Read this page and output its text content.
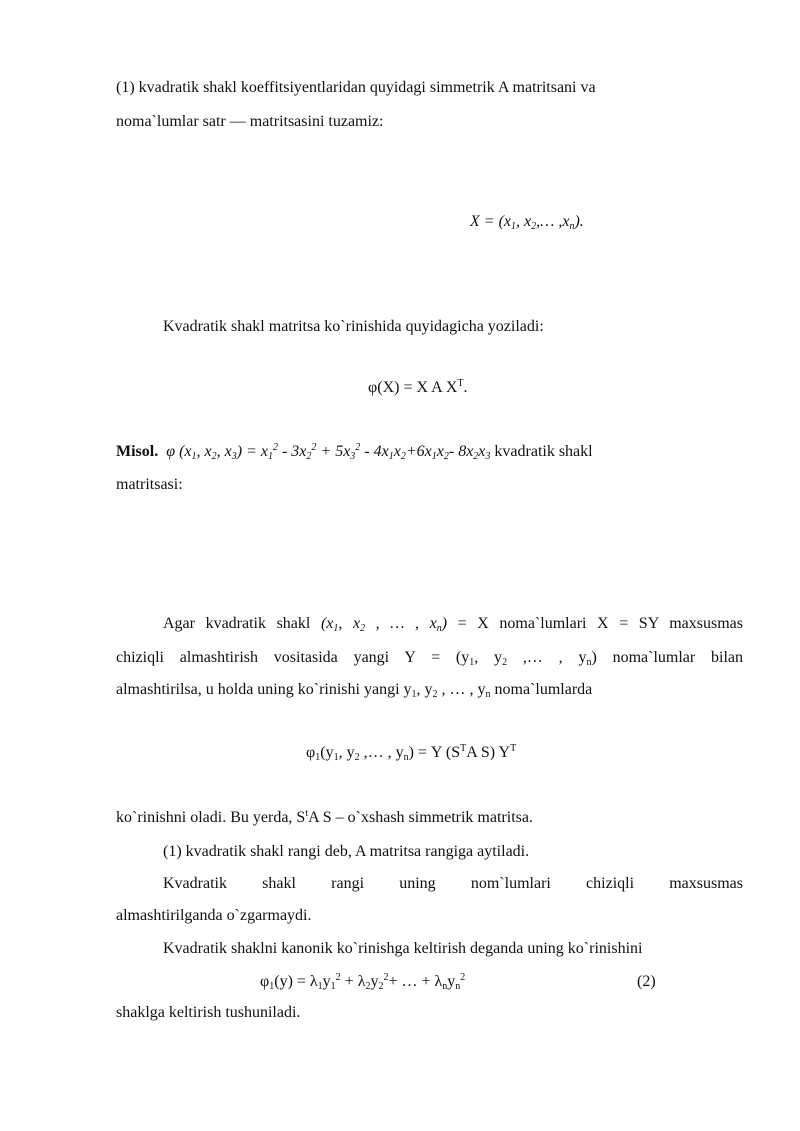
(1) kvadratik shakl koeffitsiyentlaridan quyidagi simmetrik A matritsani va
noma`lumlar satr — matritsasini tuzamiz:
$X = (x_1$, $x_2,\dots$ $,x_n$).
Kvadratik shakl matritsa ko`rinishida quyidagicha yoziladi:
φ(X) = X A $X^T$.
Misol. φ ($x_1$, $x_2$, $x_3) = x_1^2 - 3x_2^2 + 5x_3^2 - 4x_1x_2+6x_1x_2-$ $8x_2x_3$ kvadratik shakl
matritsasi:
Agar kvadratik shakl ($x_1$, $x_2$ , … , $x_n) = X$ noma`lumlari X = SY maxsusmas
chiziqli almashtirish vositasida yangi $Y = (y_1$, $y_2$ ,… , $y_n$) noma`lumlar bilan
almashtirilsa, u holda uning ko`rinishi yangi $y_1$, $y_2$ , … , $y_n$ noma`lumlarda
$\varphi_1(y_1$, $y_2$ ,… , $y_n) = Y$ ($S^TA$ S) $Y^T$
ko`rinishni oladi. Bu yerda, $S^tA$ S – o`xshash simmetrik matritsa.
(1) kvadratik shakl rangi deb, A matritsa rangiga aytiladi.
Kvadratik shakl rangi uning nom`lumlari chiziqli maxsusmas
almashtirilganda o`zgarmaydi.
Kvadratik shaklni kanonik ko`rinishga keltirish deganda uning ko`rinishini
$\varphi_1(y) = \lambda_1y_1^2 + \lambda_2y_2^2+$ … + $\lambda_ny_n^2$	(2)
shaklga keltirish tushuniladi.
